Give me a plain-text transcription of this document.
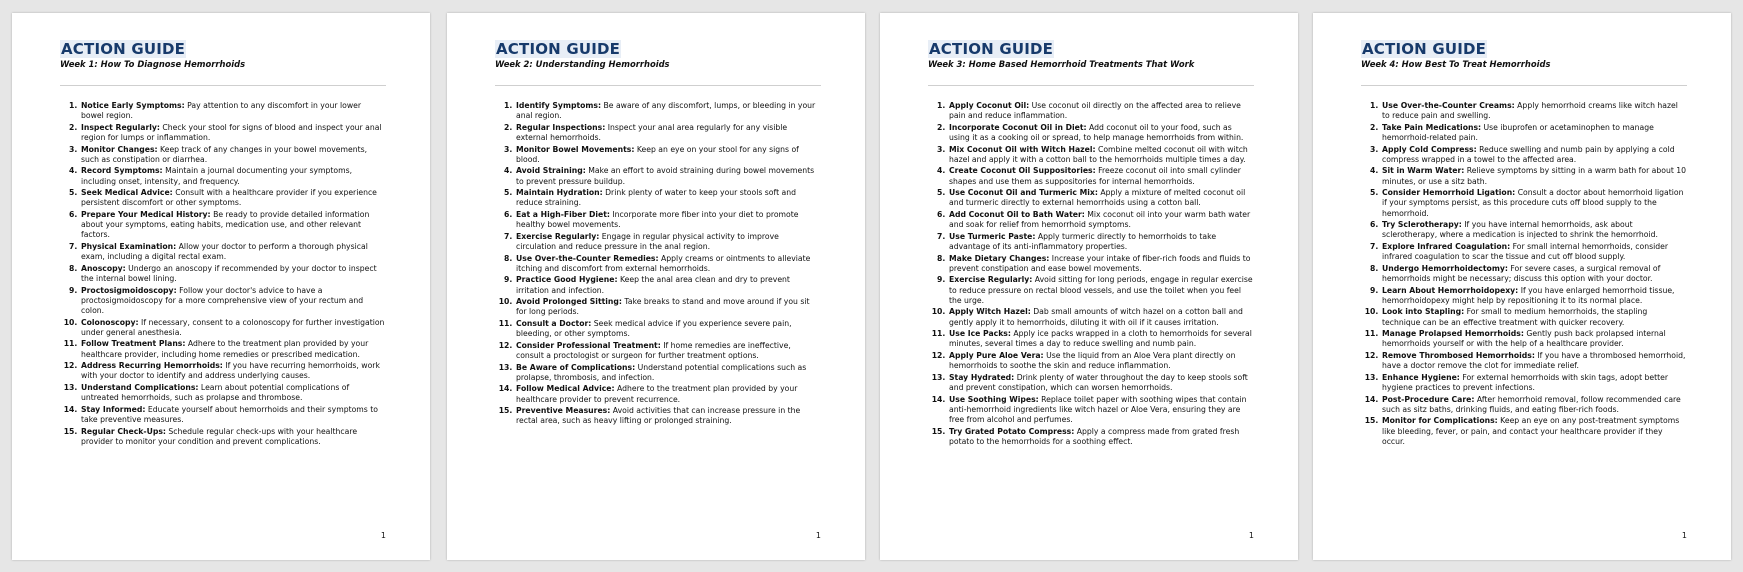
ACTION GUIDE
Week 1: How To Diagnose Hemorrhoids
1. Notice Early Symptoms: Pay attention to any discomfort in your lower bowel region.
2. Inspect Regularly: Check your stool for signs of blood and inspect your anal region for lumps or inflammation.
3. Monitor Changes: Keep track of any changes in your bowel movements, such as constipation or diarrhea.
4. Record Symptoms: Maintain a journal documenting your symptoms, including onset, intensity, and frequency.
5. Seek Medical Advice: Consult with a healthcare provider if you experience persistent discomfort or other symptoms.
6. Prepare Your Medical History: Be ready to provide detailed information about your symptoms, eating habits, medication use, and other relevant factors.
7. Physical Examination: Allow your doctor to perform a thorough physical exam, including a digital rectal exam.
8. Anoscopy: Undergo an anoscopy if recommended by your doctor to inspect the internal bowel lining.
9. Proctosigmoidoscopy: Follow your doctor's advice to have a proctosigmoidoscopy for a more comprehensive view of your rectum and colon.
10. Colonoscopy: If necessary, consent to a colonoscopy for further investigation under general anesthesia.
11. Follow Treatment Plans: Adhere to the treatment plan provided by your healthcare provider, including home remedies or prescribed medication.
12. Address Recurring Hemorrhoids: If you have recurring hemorrhoids, work with your doctor to identify and address underlying causes.
13. Understand Complications: Learn about potential complications of untreated hemorrhoids, such as prolapse and thrombose.
14. Stay Informed: Educate yourself about hemorrhoids and their symptoms to take preventive measures.
15. Regular Check-Ups: Schedule regular check-ups with your healthcare provider to monitor your condition and prevent complications.
1
ACTION GUIDE
Week 2: Understanding Hemorrhoids
1. Identify Symptoms: Be aware of any discomfort, lumps, or bleeding in your anal region.
2. Regular Inspections: Inspect your anal area regularly for any visible external hemorrhoids.
3. Monitor Bowel Movements: Keep an eye on your stool for any signs of blood.
4. Avoid Straining: Make an effort to avoid straining during bowel movements to prevent pressure buildup.
5. Maintain Hydration: Drink plenty of water to keep your stools soft and reduce straining.
6. Eat a High-Fiber Diet: Incorporate more fiber into your diet to promote healthy bowel movements.
7. Exercise Regularly: Engage in regular physical activity to improve circulation and reduce pressure in the anal region.
8. Use Over-the-Counter Remedies: Apply creams or ointments to alleviate itching and discomfort from external hemorrhoids.
9. Practice Good Hygiene: Keep the anal area clean and dry to prevent irritation and infection.
10. Avoid Prolonged Sitting: Take breaks to stand and move around if you sit for long periods.
11. Consult a Doctor: Seek medical advice if you experience severe pain, bleeding, or other symptoms.
12. Consider Professional Treatment: If home remedies are ineffective, consult a proctologist or surgeon for further treatment options.
13. Be Aware of Complications: Understand potential complications such as prolapse, thrombosis, and infection.
14. Follow Medical Advice: Adhere to the treatment plan provided by your healthcare provider to prevent recurrence.
15. Preventive Measures: Avoid activities that can increase pressure in the rectal area, such as heavy lifting or prolonged straining.
1
ACTION GUIDE
Week 3: Home Based Hemorrhoid Treatments That Work
1. Apply Coconut Oil: Use coconut oil directly on the affected area to relieve pain and reduce inflammation.
2. Incorporate Coconut Oil in Diet: Add coconut oil to your food, such as using it as a cooking oil or spread, to help manage hemorrhoids from within.
3. Mix Coconut Oil with Witch Hazel: Combine melted coconut oil with witch hazel and apply it with a cotton ball to the hemorrhoids multiple times a day.
4. Create Coconut Oil Suppositories: Freeze coconut oil into small cylinder shapes and use them as suppositories for internal hemorrhoids.
5. Use Coconut Oil and Turmeric Mix: Apply a mixture of melted coconut oil and turmeric directly to external hemorrhoids using a cotton ball.
6. Add Coconut Oil to Bath Water: Mix coconut oil into your warm bath water and soak for relief from hemorrhoid symptoms.
7. Use Turmeric Paste: Apply turmeric directly to hemorrhoids to take advantage of its anti-inflammatory properties.
8. Make Dietary Changes: Increase your intake of fiber-rich foods and fluids to prevent constipation and ease bowel movements.
9. Exercise Regularly: Avoid sitting for long periods, engage in regular exercise to reduce pressure on rectal blood vessels, and use the toilet when you feel the urge.
10. Apply Witch Hazel: Dab small amounts of witch hazel on a cotton ball and gently apply it to hemorrhoids, diluting it with oil if it causes irritation.
11. Use Ice Packs: Apply ice packs wrapped in a cloth to hemorrhoids for several minutes, several times a day to reduce swelling and numb pain.
12. Apply Pure Aloe Vera: Use the liquid from an Aloe Vera plant directly on hemorrhoids to soothe the skin and reduce inflammation.
13. Stay Hydrated: Drink plenty of water throughout the day to keep stools soft and prevent constipation, which can worsen hemorrhoids.
14. Use Soothing Wipes: Replace toilet paper with soothing wipes that contain anti-hemorrhoid ingredients like witch hazel or Aloe Vera, ensuring they are free from alcohol and perfumes.
15. Try Grated Potato Compress: Apply a compress made from grated fresh potato to the hemorrhoids for a soothing effect.
1
ACTION GUIDE
Week 4: How Best To Treat Hemorrhoids
1. Use Over-the-Counter Creams: Apply hemorrhoid creams like witch hazel to reduce pain and swelling.
2. Take Pain Medications: Use ibuprofen or acetaminophen to manage hemorrhoid-related pain.
3. Apply Cold Compress: Reduce swelling and numb pain by applying a cold compress wrapped in a towel to the affected area.
4. Sit in Warm Water: Relieve symptoms by sitting in a warm bath for about 10 minutes, or use a sitz bath.
5. Consider Hemorrhoid Ligation: Consult a doctor about hemorrhoid ligation if your symptoms persist, as this procedure cuts off blood supply to the hemorrhoid.
6. Try Sclerotherapy: If you have internal hemorrhoids, ask about sclerotherapy, where a medication is injected to shrink the hemorrhoid.
7. Explore Infrared Coagulation: For small internal hemorrhoids, consider infrared coagulation to scar the tissue and cut off blood supply.
8. Undergo Hemorrhoidectomy: For severe cases, a surgical removal of hemorrhoids might be necessary; discuss this option with your doctor.
9. Learn About Hemorrhoidopexy: If you have enlarged hemorrhoid tissue, hemorrhoidopexy might help by repositioning it to its normal place.
10. Look into Stapling: For small to medium hemorrhoids, the stapling technique can be an effective treatment with quicker recovery.
11. Manage Prolapsed Hemorrhoids: Gently push back prolapsed internal hemorrhoids yourself or with the help of a healthcare provider.
12. Remove Thrombosed Hemorrhoids: If you have a thrombosed hemorrhoid, have a doctor remove the clot for immediate relief.
13. Enhance Hygiene: For external hemorrhoids with skin tags, adopt better hygiene practices to prevent infections.
14. Post-Procedure Care: After hemorrhoid removal, follow recommended care such as sitz baths, drinking fluids, and eating fiber-rich foods.
15. Monitor for Complications: Keep an eye on any post-treatment symptoms like bleeding, fever, or pain, and contact your healthcare provider if they occur.
1
